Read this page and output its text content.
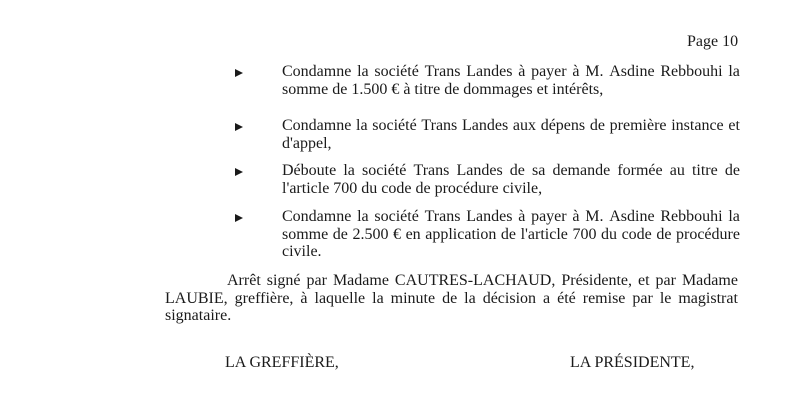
Page 10
Condamne la société Trans Landes à payer à M. Asdine Rebbouhi la
somme de 1.500 € à titre de dommages et intérêts,
Condamne la société Trans Landes aux dépens de première instance et
d'appel,
Déboute la société Trans Landes de sa demande formée au titre de
l'article 700 du code de procédure civile,
Condamne la société Trans Landes à payer à M. Asdine Rebbouhi la
somme de 2.500 € en application de l'article 700 du code de procédure
civile.
Arrêt signé par Madame CAUTRES-LACHAUD, Présidente, et par Madame
LAUBIE, greffière, à laquelle la minute de la décision a été remise par le magistrat
signataire.
LA GREFFIÈRE,	LA PRÉSIDENTE,
